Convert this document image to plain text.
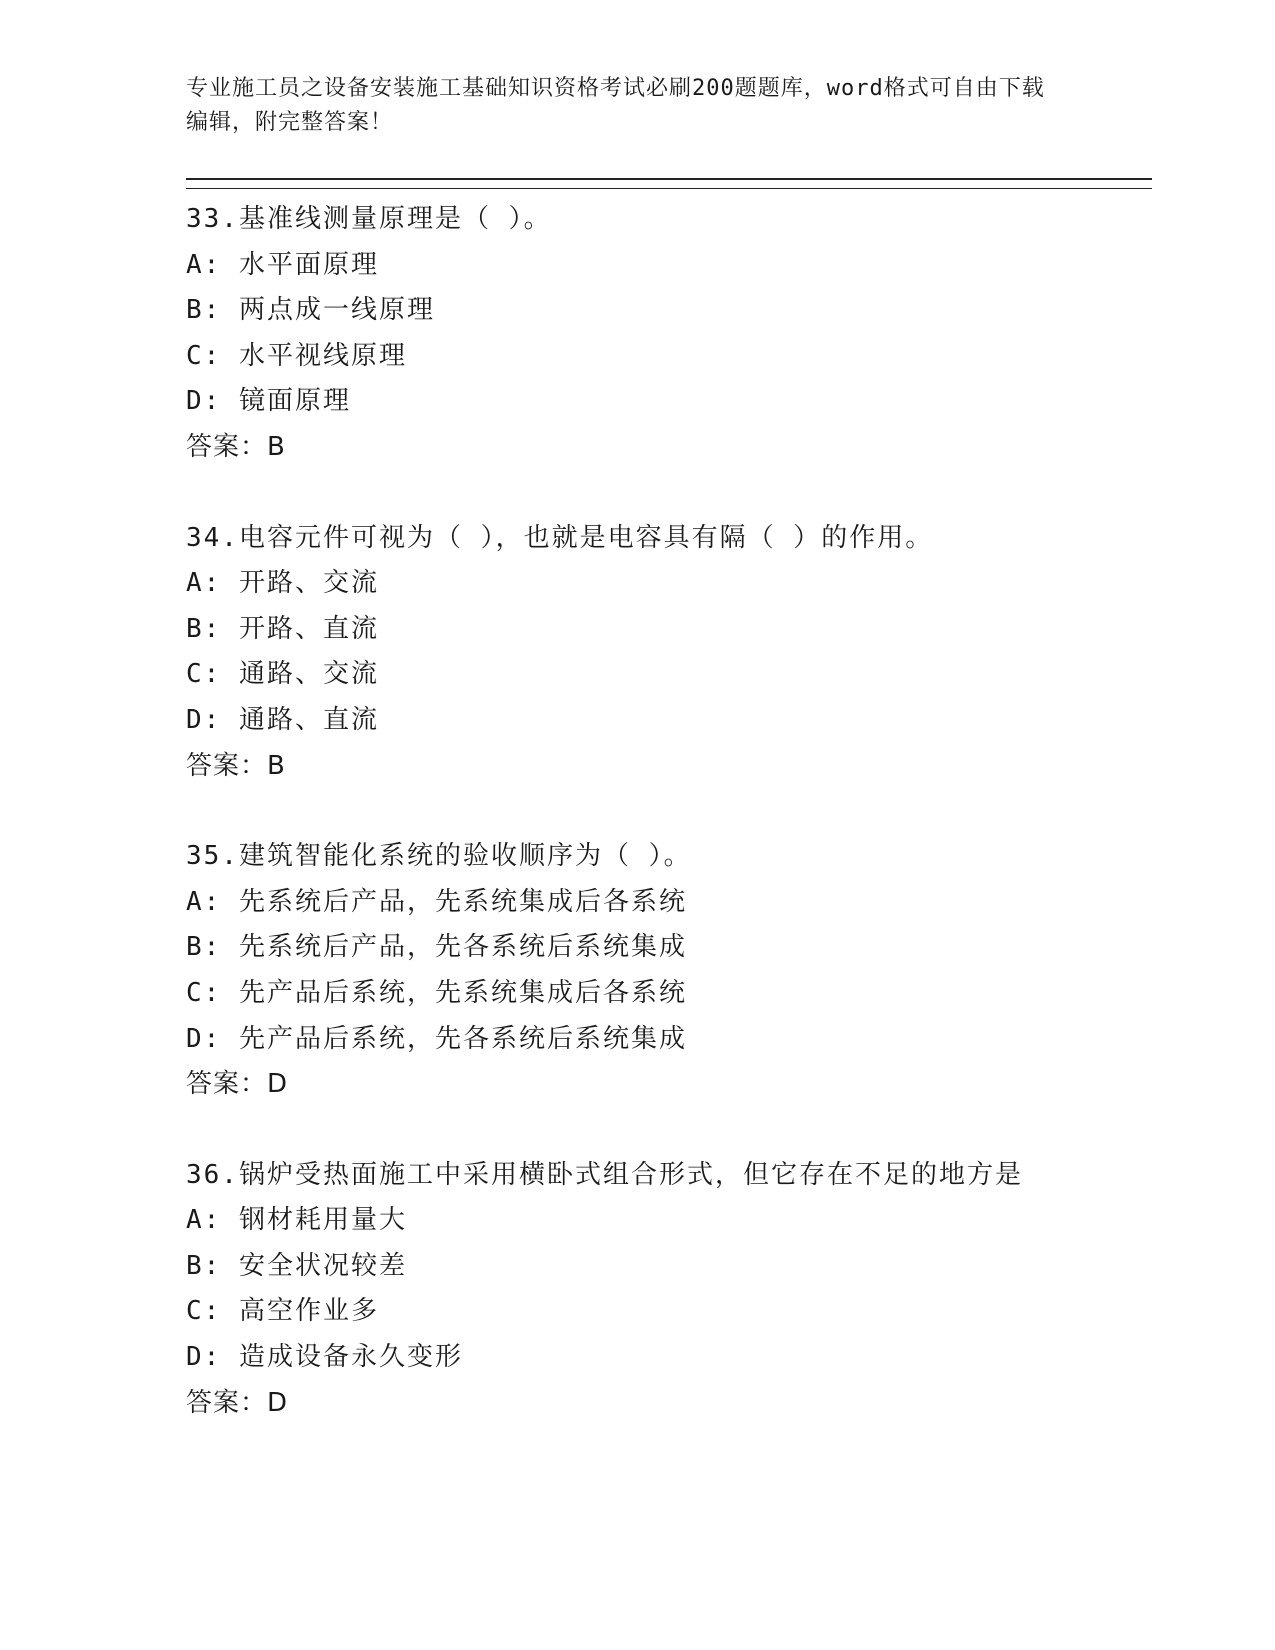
专业施工员之设备安装施工基础知识资格考试必刷200题题库，word格式可自由下载编辑，附完整答案！

33.基准线测量原理是（ ）。
A: 水平面原理
B: 两点成一线原理
C: 水平视线原理
D: 镜面原理
答案：B
34.电容元件可视为（ ），也就是电容具有隔（ ）的作用。
A: 开路、交流
B: 开路、直流
C: 通路、交流
D: 通路、直流
答案：B
35.建筑智能化系统的验收顺序为（ ）。
A: 先系统后产品，先系统集成后各系统
B: 先系统后产品，先各系统后系统集成
C: 先产品后系统，先系统集成后各系统
D: 先产品后系统，先各系统后系统集成
答案：D
36.锅炉受热面施工中采用横卧式组合形式，但它存在不足的地方是
A: 钢材耗用量大
B: 安全状况较差
C: 高空作业多
D: 造成设备永久变形
答案：D
